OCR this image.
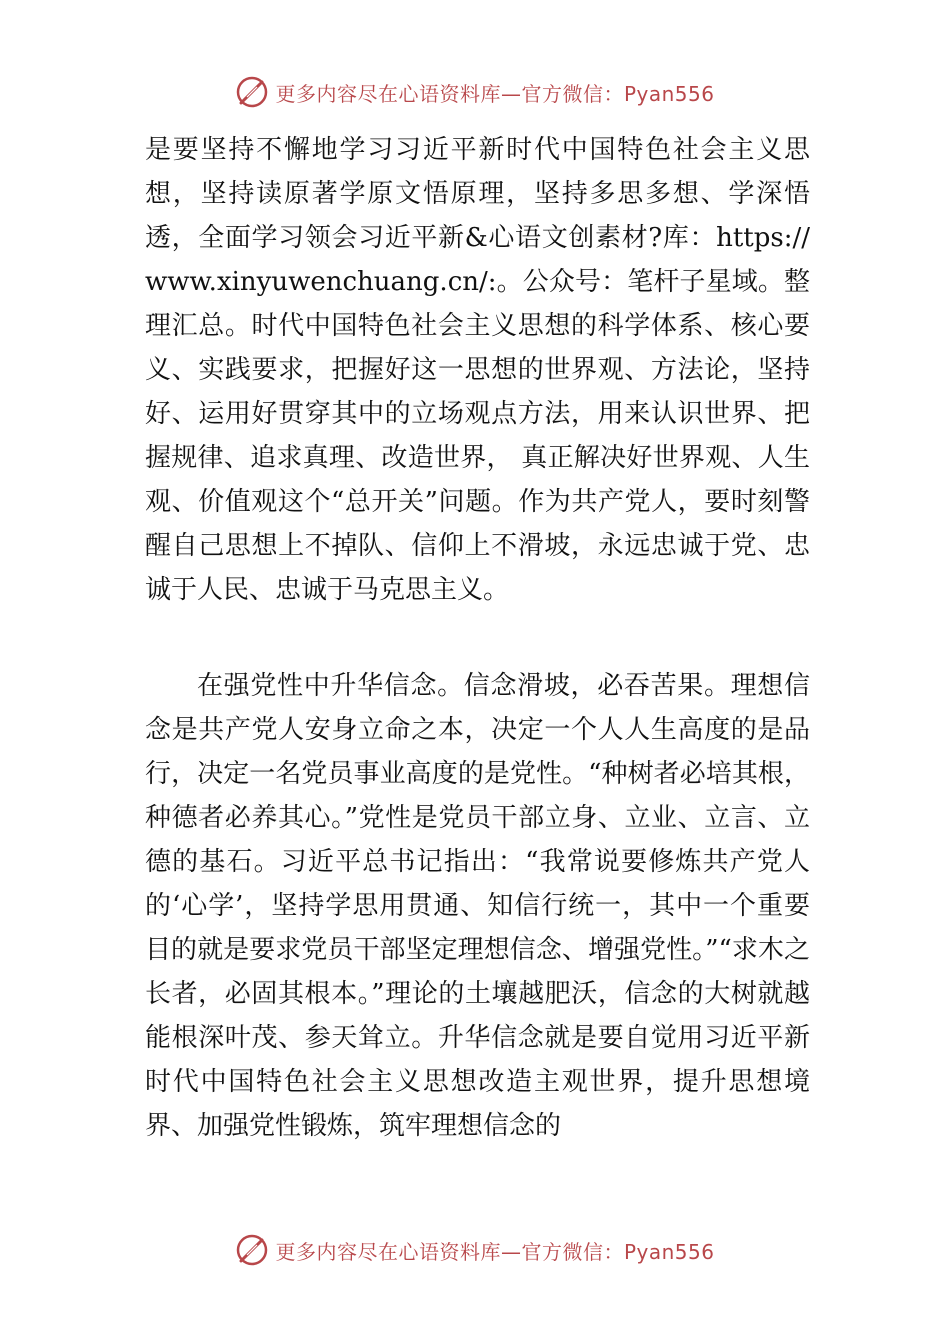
更多内容尽在心语资料库—官方微信：Pyan556

是要坚持不懈地学习习近平新时代中国特色社会主义思想，坚持读原著学原文悟原理，坚持多思多想、学深悟透，全面学习领会习近平新&心语文创素材?库：https://www.xinyuwenchuang.cn/:。公众号：笔杆子星域。整理汇总。时代中国特色社会主义思想的科学体系、核心要义、实践要求，把握好这一思想的世界观、方法论，坚持好、运用好贯穿其中的立场观点方法，用来认识世界、把握规律、追求真理、改造世界， 真正解决好世界观、人生观、价值观这个“总开关”问题。作为共产党人，要时刻警醒自己思想上不掉队、信仰上不滑坡，永远忠诚于党、忠诚于人民、忠诚于马克思主义。

在强党性中升华信念。信念滑坡，必吞苦果。理想信念是共产党人安身立命之本，决定一个人人生高度的是品行，决定一名党员事业高度的是党性。“种树者必培其根，种德者必养其心。”党性是党员干部立身、立业、立言、立德的基石。习近平总书记指出：“我常说要修炼共产党人的‘心学’，坚持学思用贯通、知信行统一，其中一个重要目的就是要求党员干部坚定理想信念、增强党性。”“求木之长者，必固其根本。”理论的土壤越肥沃，信念的大树就越能根深叶茂、参天耸立。升华信念就是要自觉用习近平新时代中国特色社会主义思想改造主观世界，提升思想境界、加强党性锻炼，筑牢理想信念的

更多内容尽在心语资料库—官方微信：Pyan556
